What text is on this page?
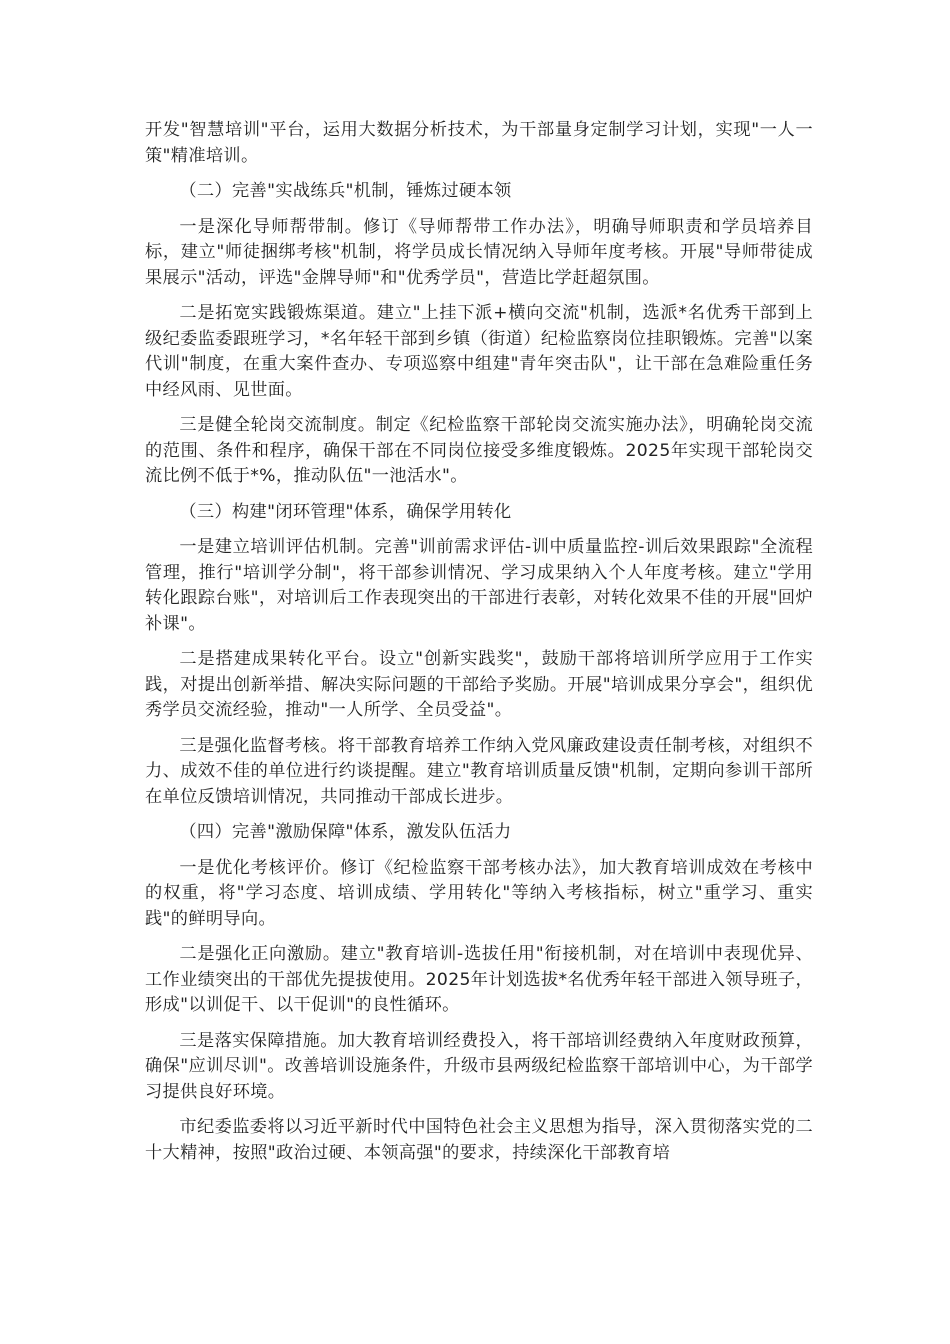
开发"智慧培训"平台，运用大数据分析技术，为干部量身定制学习计划，实现"一人一策"精准培训。

（二）完善"实战练兵"机制，锤炼过硬本领

一是深化导师帮带制。修订《导师帮带工作办法》，明确导师职责和学员培养目标，建立"师徒捆绑考核"机制，将学员成长情况纳入导师年度考核。开展"导师带徒成果展示"活动，评选"金牌导师"和"优秀学员"，营造比学赶超氛围。

二是拓宽实践锻炼渠道。建立"上挂下派+横向交流"机制，选派*名优秀干部到上级纪委监委跟班学习，*名年轻干部到乡镇（街道）纪检监察岗位挂职锻炼。完善"以案代训"制度，在重大案件查办、专项巡察中组建"青年突击队"，让干部在急难险重任务中经风雨、见世面。

三是健全轮岗交流制度。制定《纪检监察干部轮岗交流实施办法》，明确轮岗交流的范围、条件和程序，确保干部在不同岗位接受多维度锻炼。2025年实现干部轮岗交流比例不低于*%，推动队伍"一池活水"。

（三）构建"闭环管理"体系，确保学用转化

一是建立培训评估机制。完善"训前需求评估-训中质量监控-训后效果跟踪"全流程管理，推行"培训学分制"，将干部参训情况、学习成果纳入个人年度考核。建立"学用转化跟踪台账"，对培训后工作表现突出的干部进行表彰，对转化效果不佳的开展"回炉补课"。

二是搭建成果转化平台。设立"创新实践奖"，鼓励干部将培训所学应用于工作实践，对提出创新举措、解决实际问题的干部给予奖励。开展"培训成果分享会"，组织优秀学员交流经验，推动"一人所学、全员受益"。

三是强化监督考核。将干部教育培养工作纳入党风廉政建设责任制考核，对组织不力、成效不佳的单位进行约谈提醒。建立"教育培训质量反馈"机制，定期向参训干部所在单位反馈培训情况，共同推动干部成长进步。

（四）完善"激励保障"体系，激发队伍活力

一是优化考核评价。修订《纪检监察干部考核办法》，加大教育培训成效在考核中的权重，将"学习态度、培训成绩、学用转化"等纳入考核指标，树立"重学习、重实践"的鲜明导向。

二是强化正向激励。建立"教育培训-选拔任用"衔接机制，对在培训中表现优异、工作业绩突出的干部优先提拔使用。2025年计划选拔*名优秀年轻干部进入领导班子，形成"以训促干、以干促训"的良性循环。

三是落实保障措施。加大教育培训经费投入，将干部培训经费纳入年度财政预算，确保"应训尽训"。改善培训设施条件，升级市县两级纪检监察干部培训中心，为干部学习提供良好环境。

市纪委监委将以习近平新时代中国特色社会主义思想为指导，深入贯彻落实党的二十大精神，按照"政治过硬、本领高强"的要求，持续深化干部教育培
